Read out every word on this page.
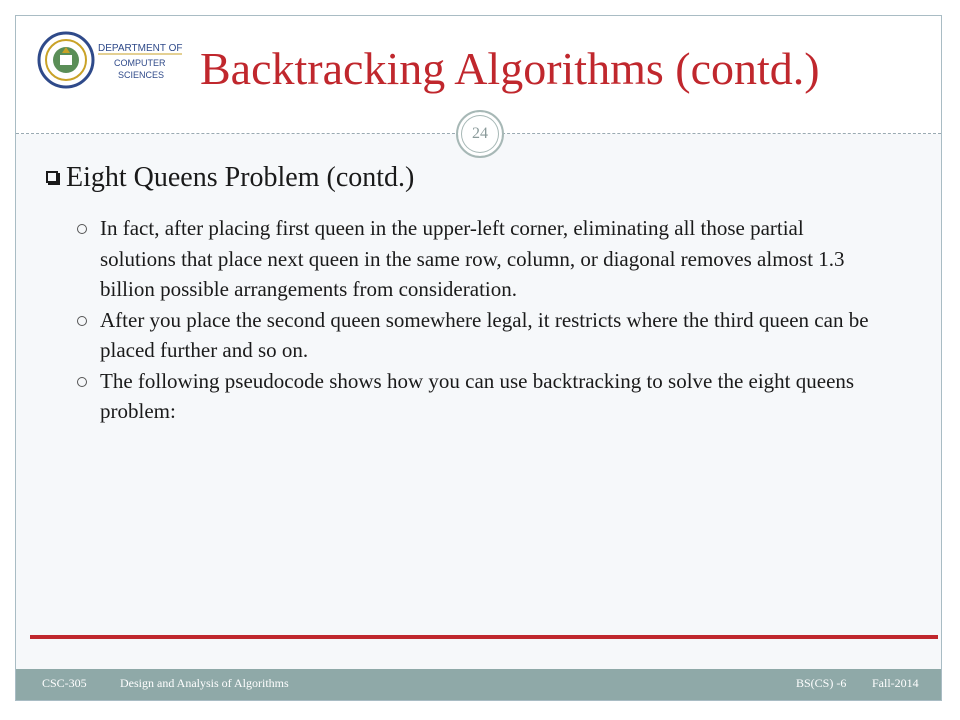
DEPARTMENT OF
COMPUTER
SCIENCES Backtracking Algorithms (contd.)
24
Eight Queens Problem (contd.)
In fact, after placing first queen in the upper-left corner, eliminating all those partial solutions that place next queen in the same row, column, or diagonal removes almost 1.3 billion possible arrangements from consideration.
After you place the second queen somewhere legal, it restricts where the third queen can be placed further and so on.
The following pseudocode shows how you can use backtracking to solve the eight queens problem:
CSC-305	Design and Analysis of Algorithms	BS(CS) -6 Fall-2014
